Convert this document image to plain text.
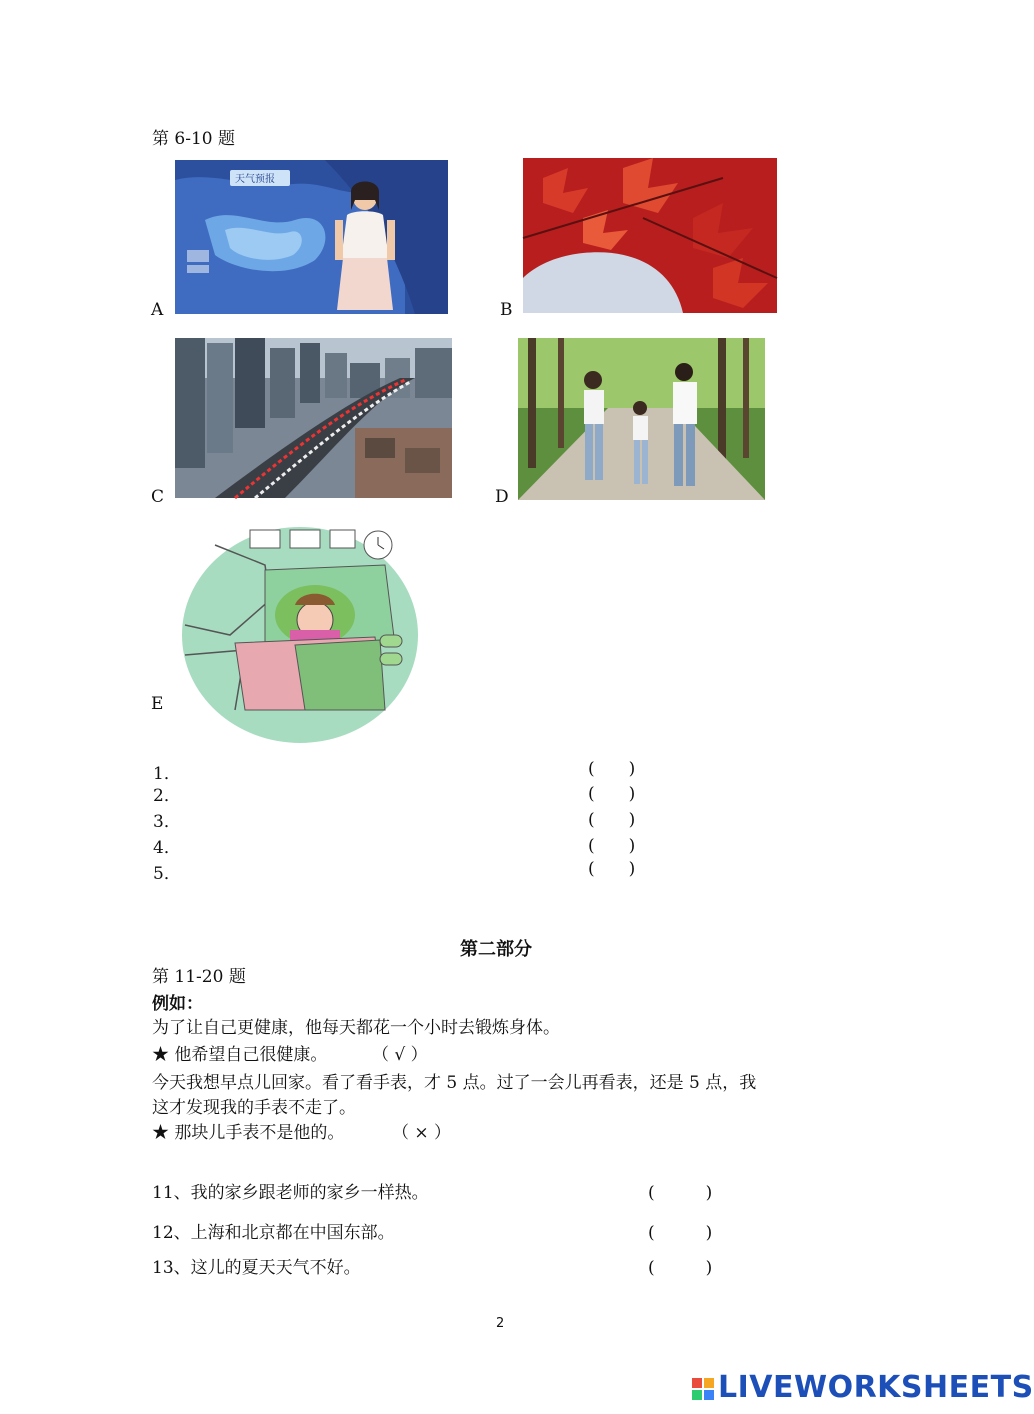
第 6-10 题
天气预报
A	B
C	D
E
1．	(　　)
2．	(　　)
3．	(　　)
4．	(　　)
5．	(　　)
第二部分
第 11-20 题
例如：
为了让自己更健康，他每天都花一个小时去锻炼身体。
★ 他希望自己很健康。	（ √ ）
今天我想早点儿回家。看了看手表，才 5 点。过了一会儿再看表，还是 5 点，我
这才发现我的手表不走了。
★ 那块儿手表不是他的。	（ × ）
11、我的家乡跟老师的家乡一样热。	(　　　)
12、上海和北京都在中国东部。	(　　　)
13、这儿的夏天天气不好。	(　　　)
2
LIVEWORKSHEETS
